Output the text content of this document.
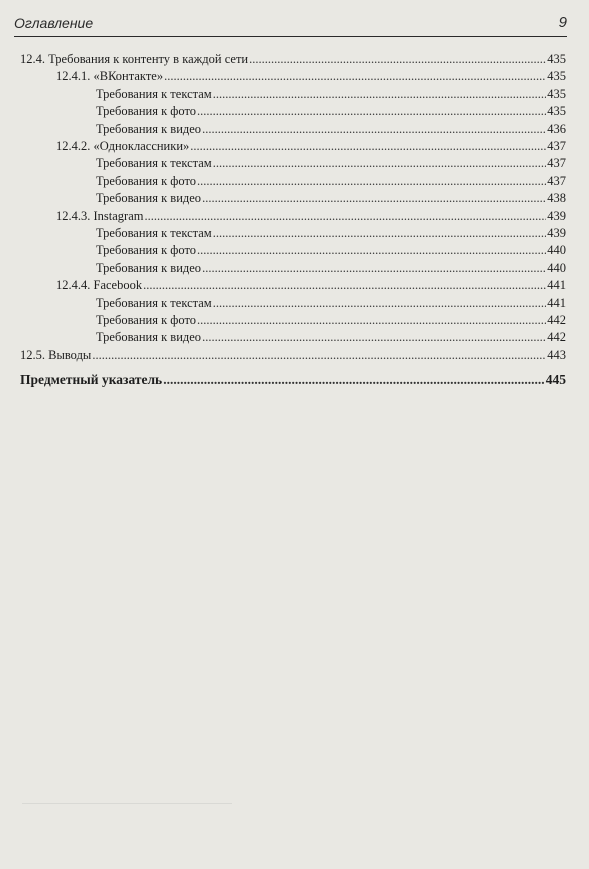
Оглавление	9
12.4. Требования к контенту в каждой сети .....	435
12.4.1. «ВКонтакте» .....	435
Требования к текстам .....	435
Требования к фото .....	435
Требования к видео .....	436
12.4.2. «Одноклассники» .....	437
Требования к текстам .....	437
Требования к фото .....	437
Требования к видео .....	438
12.4.3. Instagram .....	439
Требования к текстам .....	439
Требования к фото .....	440
Требования к видео .....	440
12.4.4. Facebook .....	441
Требования к текстам .....	441
Требования к фото .....	442
Требования к видео .....	442
12.5. Выводы .....	443
Предметный указатель .....	445
